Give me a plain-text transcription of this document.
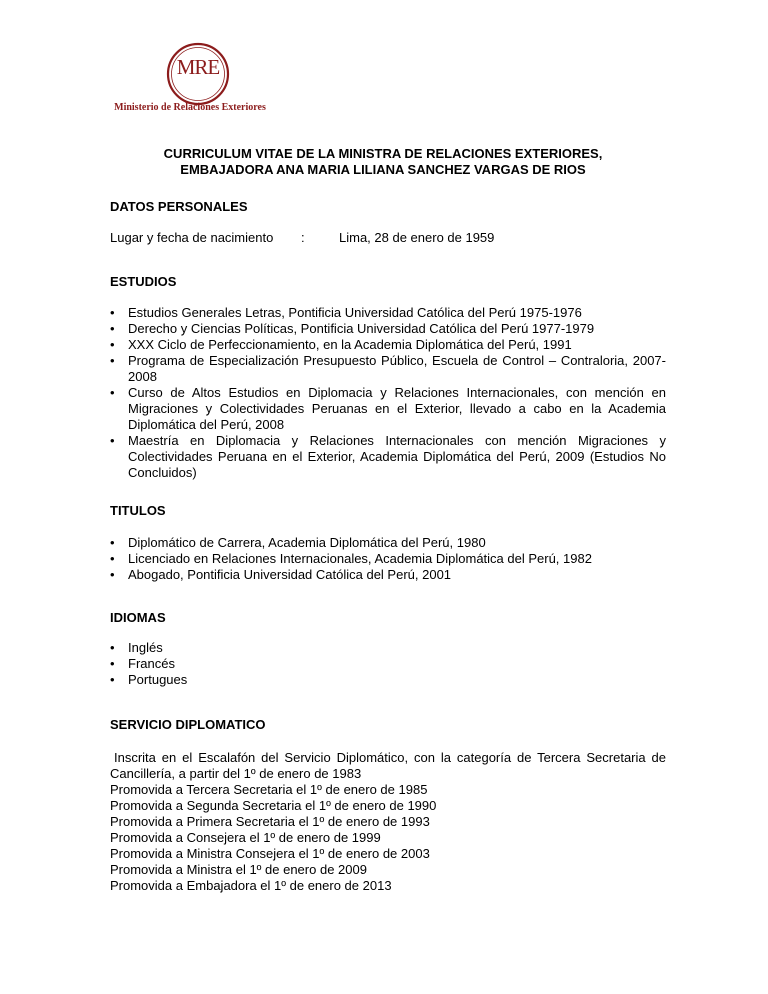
MRE
Ministerio de Relaciones Exteriores
CURRICULUM VITAE DE LA MINISTRA DE RELACIONES EXTERIORES,
EMBAJADORA ANA MARIA LILIANA SANCHEZ VARGAS DE RIOS
DATOS PERSONALES
Lugar y fecha de nacimiento :	Lima, 28 de enero de 1959
ESTUDIOS
• Estudios Generales Letras, Pontificia Universidad Católica del Perú 1975-1976
• Derecho y Ciencias Políticas, Pontificia Universidad Católica del Perú 1977-1979
• XXX Ciclo de Perfeccionamiento, en la Academia Diplomática del Perú, 1991
• Programa de Especialización Presupuesto Público, Escuela de Control – Contraloria, 2007-2008
• Curso de Altos Estudios en Diplomacia y Relaciones Internacionales, con mención en Migraciones y Colectividades Peruanas en el Exterior, llevado a cabo en la Academia Diplomática del Perú, 2008
• Maestría en Diplomacia y Relaciones Internacionales con mención Migraciones y Colectividades Peruana en el Exterior, Academia Diplomática del Perú, 2009 (Estudios No Concluidos)
TITULOS
• Diplomático de Carrera, Academia Diplomática del Perú, 1980
• Licenciado en Relaciones Internacionales, Academia Diplomática del Perú, 1982
• Abogado, Pontificia Universidad Católica del Perú, 2001
IDIOMAS
• Inglés
• Francés
• Portugues
SERVICIO DIPLOMATICO
Inscrita en el Escalafón del Servicio Diplomático, con la categoría de Tercera Secretaria de Cancillería, a partir del 1º de enero de 1983
Promovida a Tercera Secretaria el 1º de enero de 1985
Promovida a Segunda Secretaria el 1º de enero de 1990
Promovida a Primera Secretaria el 1º de enero de 1993
Promovida a Consejera el 1º de enero de 1999
Promovida a Ministra Consejera el 1º de enero de 2003
Promovida a Ministra el 1º de enero de 2009
Promovida a Embajadora el 1º de enero de 2013
